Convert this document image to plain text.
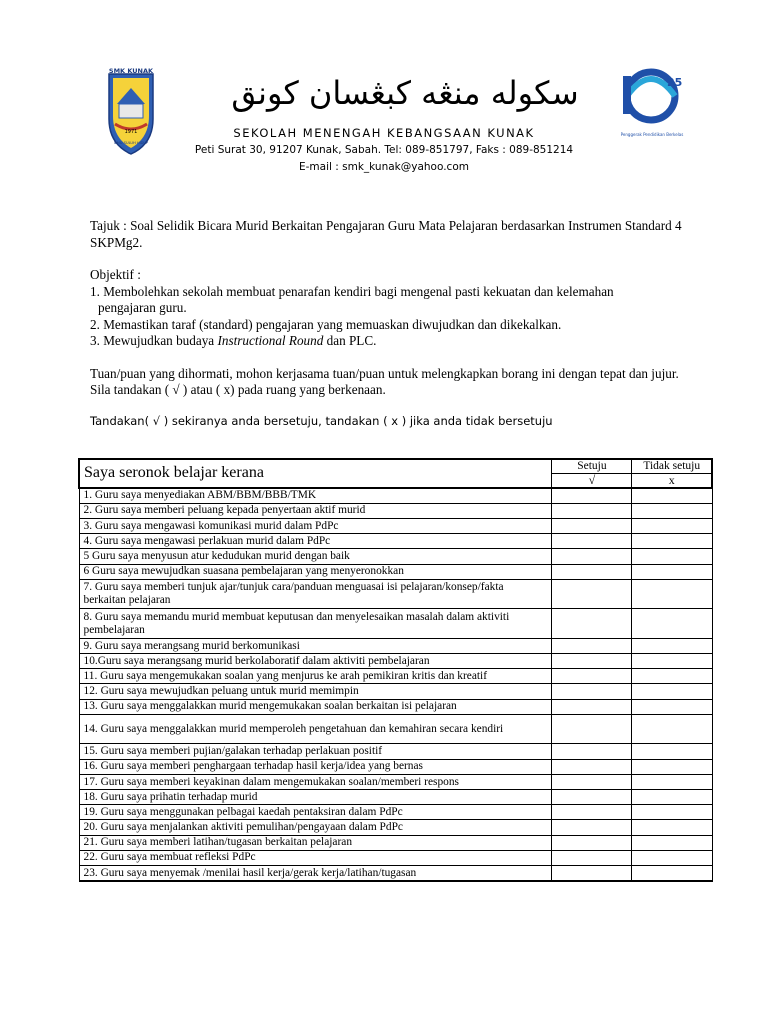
SMK KUNAK
1971
ILMU SULUH HIDUP
سکوله منڠه کبڠسان کونق	25
Penggerak Pendidikan Berkelas
SEKOLAH MENENGAH KEBANGSAAN KUNAK
Peti Surat 30, 91207 Kunak, Sabah. Tel: 089-851797, Faks : 089-851214
E-mail : smk_kunak@yahoo.com

Tajuk : Soal Selidik Bicara Murid Berkaitan Pengajaran Guru Mata Pelajaran berdasarkan Instrumen Standard 4 SKPMg2.

Objektif :

1. Membolehkan sekolah membuat penarafan kendiri bagi mengenal pasti kekuatan dan kelemahan

pengajaran guru.

2. Memastikan taraf (standard) pengajaran yang memuaskan diwujudkan dan dikekalkan.

3. Mewujudkan budaya Instructional Round dan PLC.

Tuan/puan yang dihormati, mohon kerjasama tuan/puan untuk melengkapkan borang ini dengan tepat dan jujur. Sila tandakan ( √ ) atau ( x) pada ruang yang berkenaan.

Tandakan( √ ) sekiranya anda bersetuju, tandakan ( x ) jika anda tidak bersetuju
Saya seronok belajar kerana	Setuju	Tidak setuju
	√	x
1. Guru saya menyediakan ABM/BBM/BBB/TMK		
2. Guru saya memberi peluang kepada penyertaan aktif murid		
3. Guru saya mengawasi komunikasi murid dalam PdPc		
4. Guru saya mengawasi perlakuan murid dalam PdPc		
5 Guru saya menyusun atur kedudukan murid dengan baik		
6 Guru saya mewujudkan suasana pembelajaran yang menyeronokkan		
7. Guru saya memberi tunjuk ajar/tunjuk cara/panduan menguasai isi pelajaran/konsep/fakta berkaitan pelajaran		
8. Guru saya memandu murid membuat keputusan dan menyelesaikan masalah dalam aktiviti pembelajaran		
9. Guru saya merangsang murid berkomunikasi		
10.Guru saya merangsang murid berkolaboratif dalam aktiviti pembelajaran		
11. Guru saya mengemukakan soalan yang menjurus ke arah pemikiran kritis dan kreatif		
12. Guru saya mewujudkan peluang untuk murid memimpin		
13. Guru saya menggalakkan murid mengemukakan soalan berkaitan isi pelajaran		
14. Guru saya menggalakkan murid memperoleh pengetahuan dan kemahiran secara kendiri		
15. Guru saya memberi pujian/galakan terhadap perlakuan positif		
16. Guru saya memberi penghargaan terhadap hasil kerja/idea yang bernas		
17. Guru saya memberi keyakinan dalam mengemukakan soalan/memberi respons		
18. Guru saya prihatin terhadap murid		
19. Guru saya menggunakan pelbagai kaedah pentaksiran dalam PdPc		
20. Guru saya menjalankan aktiviti pemulihan/pengayaan dalam PdPc		
21. Guru saya memberi latihan/tugasan berkaitan pelajaran		
22. Guru saya membuat refleksi PdPc		
23. Guru saya menyemak /menilai hasil kerja/gerak kerja/latihan/tugasan		
